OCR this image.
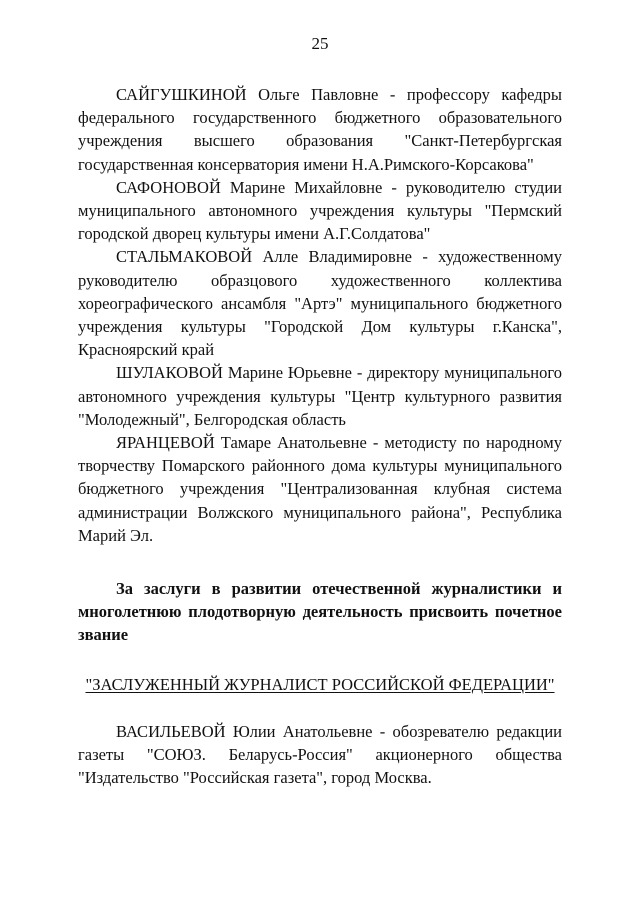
25

САЙГУШКИНОЙ Ольге Павловне - профессору кафедры федерального государственного бюджетного образовательного учреждения высшего образования "Санкт-Петербургская государственная консерватория имени Н.А.Римского-Корсакова"

САФОНОВОЙ Марине Михайловне - руководителю студии муниципального автономного учреждения культуры "Пермский городской дворец культуры имени А.Г.Солдатова"

СТАЛЬМАКОВОЙ Алле Владимировне - художественному руководителю образцового художественного коллектива хореографического ансамбля "Артэ" муниципального бюджетного учреждения культуры "Городской Дом культуры г.Канска", Красноярский край

ШУЛАКОВОЙ Марине Юрьевне - директору муниципального автономного учреждения культуры "Центр культурного развития "Молодежный", Белгородская область

ЯРАНЦЕВОЙ Тамаре Анатольевне - методисту по народному творчеству Помарского районного дома культуры муниципального бюджетного учреждения "Централизованная клубная система администрации Волжского муниципального района", Республика Марий Эл.

За заслуги в развитии отечественной журналистики и многолетнюю плодотворную деятельность присвоить почетное звание

"ЗАСЛУЖЕННЫЙ ЖУРНАЛИСТ РОССИЙСКОЙ ФЕДЕРАЦИИ"

ВАСИЛЬЕВОЙ Юлии Анатольевне - обозревателю редакции газеты "СОЮЗ. Беларусь-Россия" акционерного общества "Издательство "Российская газета", город Москва.
